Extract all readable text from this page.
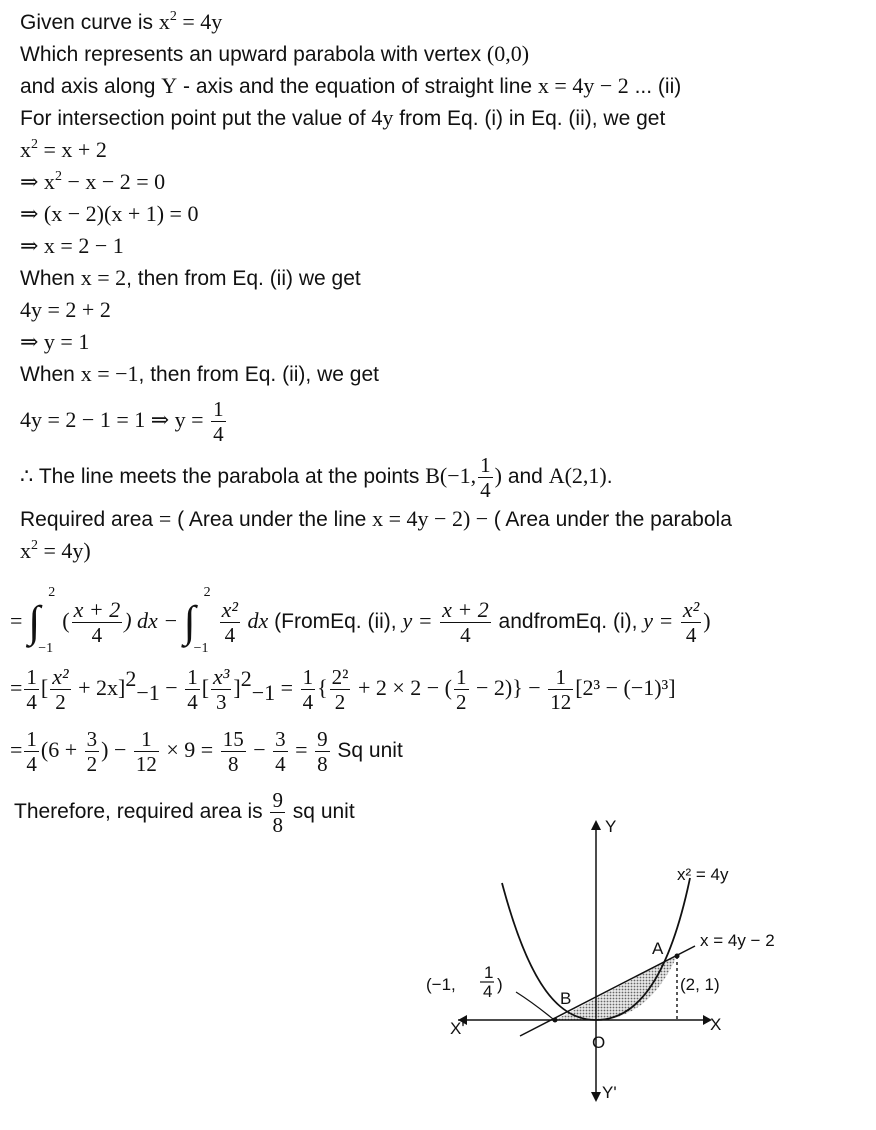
Given curve is $x^2 = 4y$
Which represents an upward parabola with vertex (0,0)
and axis along Y - axis and the equation of straight line x = 4y − 2 ... (ii)
For intersection point put the value of 4y from Eq. (i) in Eq. (ii), we get
$x^2 = x + 2$
⇒ $x^2 - x - 2 = 0$
⇒ (x − 2)(x + 1) = 0
⇒ x = 2 − 1
When x = 2, then from Eq. (ii) we get
4y = 2 + 2
⇒ y = 1
When x = −1, then from Eq. (ii), we get
4y = 2 − 1 = 1 ⇒ $y = \frac{1}{4}$
∴ The line meets the parabola at the points B(−1, $\frac{1}{4}$ ) and A(2,1).
Required area = ( Area under the line x = 4y − 2) − ( Area under the parabola
$x^2 = 4y$)
= ∫
2
−1
( $\frac{x + 2}{4}$ ) dx − ∫
2
−1
$\frac{\text{x²}}{4}$ dx (FromEq. (ii), $y = \frac{x + 2}{4}$ andfromEq. (i), $y = \frac{\text{x²}}{4}$ )
= $\frac{1}{4}$ [ $\frac{\text{x²}}{2} + 2x]^2_{-1} - \frac{1}{4}$ [ $\frac{\text{x³}}{3} ]^2_{-1} = \frac{1}{4}$ { $\frac{\text{2²}}{2} + 2 \times 2$ − ( $\frac{1}{2} - 2)\} - \frac{1}{12} [2^3 - (-1)^3]$
= $\frac{1}{4} (6 + \frac{3}{2}$ ) − $\frac{1}{12} \times 9 = \frac{15}{8} - \frac{3}{4} = \frac{9}{8}$ Sq unit
Therefore, required area is $\frac{9}{8}$ sq unit
Y
Y'
X
X'
O
x² = 4y
x = 4y − 2
A
B
(2, 1)
(−1,
1
4 )
